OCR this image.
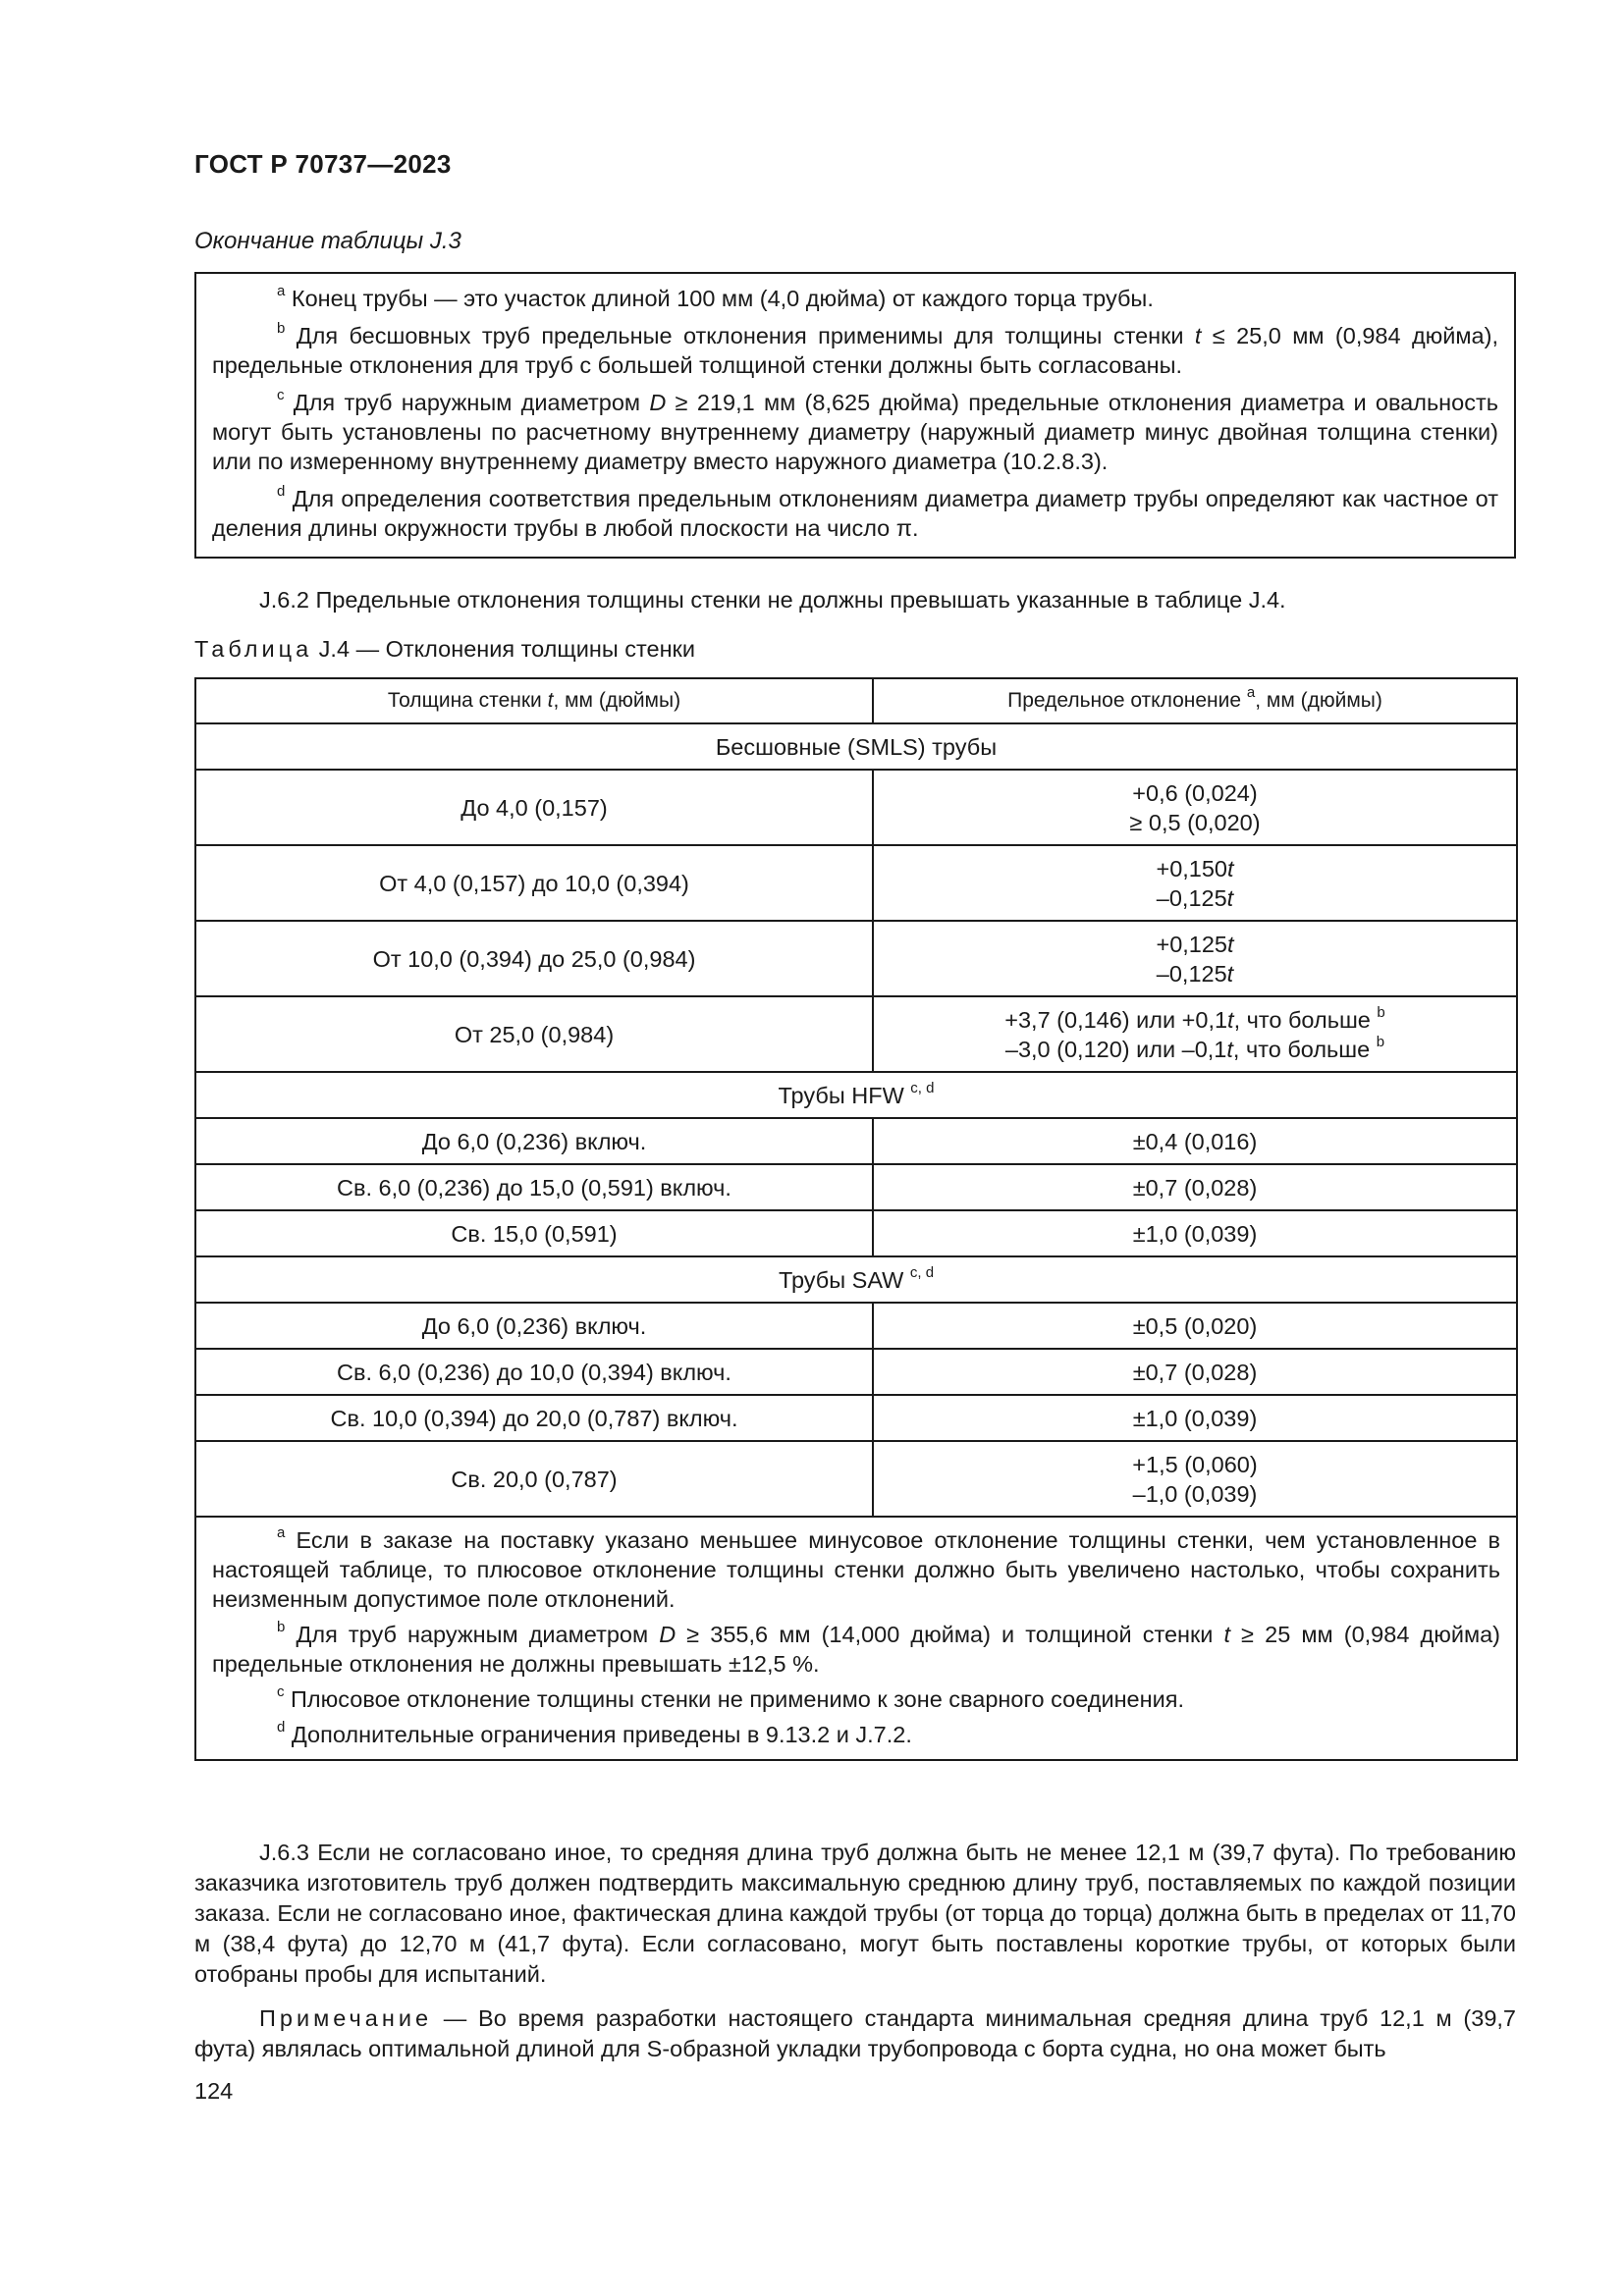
ГОСТ Р 70737—2023
Окончание таблицы J.3

$^a$ Конец трубы — это участок длиной 100 мм (4,0 дюйма) от каждого торца трубы.

$^b$ Для бесшовных труб предельные отклонения применимы для толщины стенки t ≤ 25,0 мм (0,984 дюйма), предельные отклонения для труб с большей толщиной стенки должны быть согласованы.

$^c$ Для труб наружным диаметром D ≥ 219,1 мм (8,625 дюйма) предельные отклонения диаметра и овальность могут быть установлены по расчетному внутреннему диаметру (наружный диаметр минус двойная толщина стенки) или по измеренному внутреннему диаметру вместо наружного диаметра (10.2.8.3).

$^d$ Для определения соответствия предельным отклонениям диаметра диаметр трубы определяют как частное от деления длины окружности трубы в любой плоскости на число π.

J.6.2 Предельные отклонения толщины стенки не должны превышать указанные в таблице J.4.

Таблица J.4 — Отклонения толщины стенки
Толщина стенки t, мм (дюймы)	Предельное отклонение $^a$, мм (дюймы)
Бесшовные (SMLS) трубы	
До 4,0 (0,157)	+0,6 (0,024)
≥ 0,5 (0,020)

От 4,0 (0,157) до 10,0 (0,394)	+0,150t
–0,125t

От 10,0 (0,394) до 25,0 (0,984)	+0,125t
–0,125t

От 25,0 (0,984)	+3,7 (0,146) или +0,1t, что больше $^b$
–3,0 (0,120) или –0,1t, что больше $^b$

Трубы HFW $^{c, d}$
До 6,0 (0,236) включ.	±0,4 (0,016)

Св. 6,0 (0,236) до 15,0 (0,591) включ.	±0,7 (0,028)

Св. 15,0 (0,591)	±1,0 (0,039)

Трубы SAW $^{c, d}$
До 6,0 (0,236) включ.	±0,5 (0,020)

Св. 6,0 (0,236) до 10,0 (0,394) включ.	±0,7 (0,028)

Св. 10,0 (0,394) до 20,0 (0,787) включ.	±1,0 (0,039)

Св. 20,0 (0,787)	+1,5 (0,060)
–1,0 (0,039)

$^a$ Если в заказе на поставку указано меньшее минусовое отклонение толщины стенки, чем установленное в настоящей таблице, то плюсовое отклонение толщины стенки должно быть увеличено настолько, чтобы сохранить неизменным допустимое поле отклонений.

$^b$ Для труб наружным диаметром D ≥ 355,6 мм (14,000 дюйма) и толщиной стенки t ≥ 25 мм (0,984 дюйма) предельные отклонения не должны превышать ±12,5 %.

$^c$ Плюсовое отклонение толщины стенки не применимо к зоне сварного соединения.

$^d$ Дополнительные ограничения приведены в 9.13.2 и J.7.2.	

J.6.3 Если не согласовано иное, то средняя длина труб должна быть не менее 12,1 м (39,7 фута). По требованию заказчика изготовитель труб должен подтвердить максимальную среднюю длину труб, поставляемых по каждой позиции заказа. Если не согласовано иное, фактическая длина каждой трубы (от торца до торца) должна быть в пределах от 11,70 м (38,4 фута) до 12,70 м (41,7 фута). Если согласовано, могут быть поставлены короткие трубы, от которых были отобраны пробы для испытаний.

Примечание — Во время разработки настоящего стандарта минимальная средняя длина труб 12,1 м (39,7 фута) являлась оптимальной длиной для S-образной укладки трубопровода с борта судна, но она может быть

124
